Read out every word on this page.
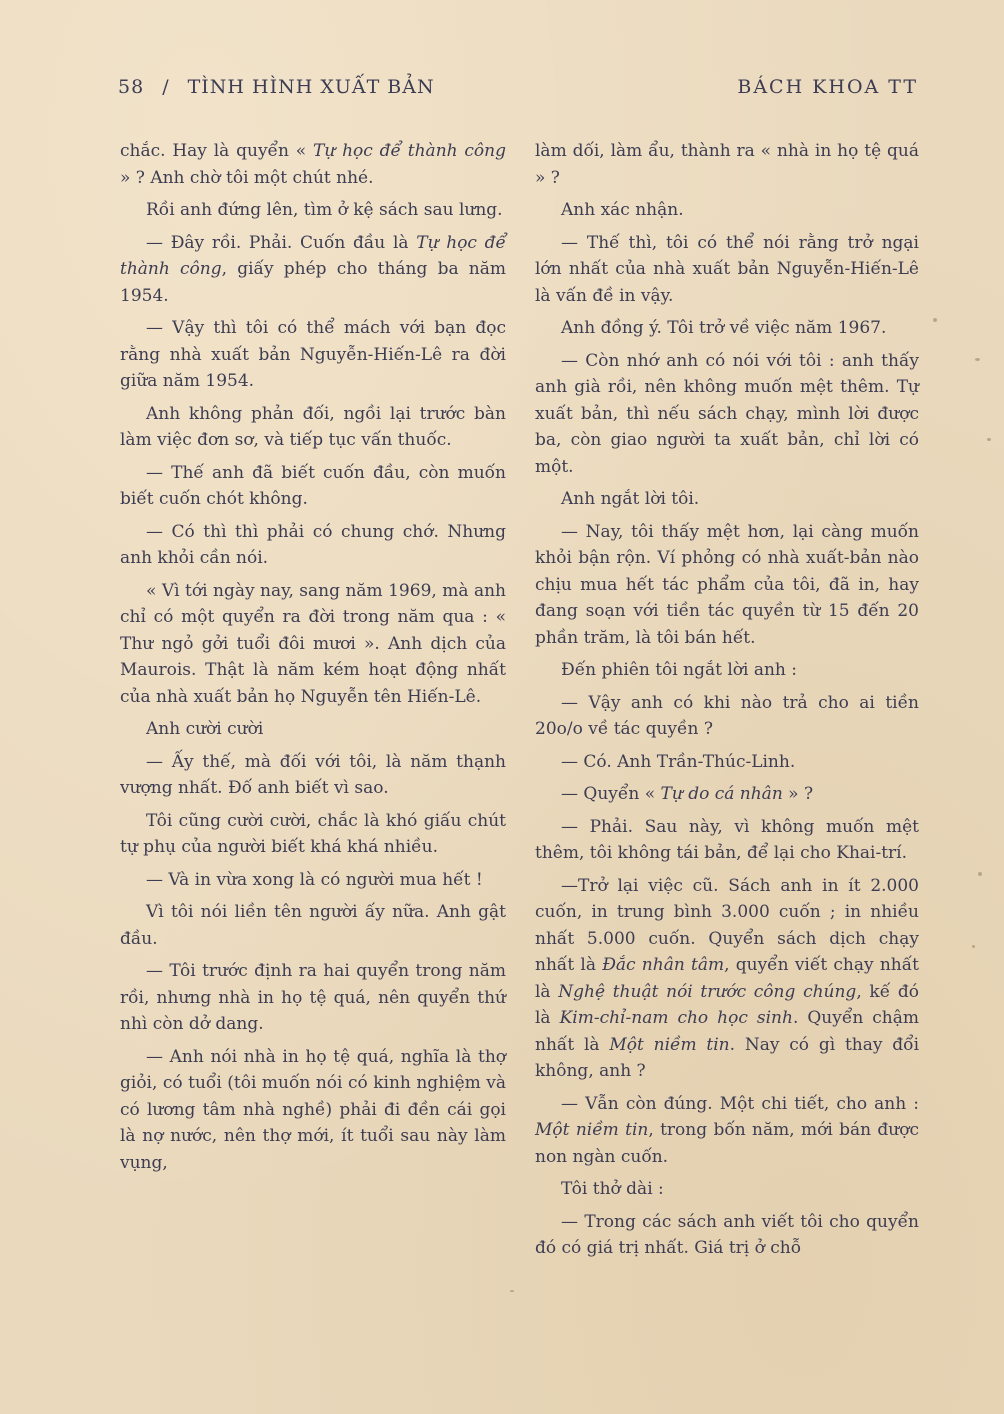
58 / TÌNH HÌNH XUẤT BẢN	BÁCH KHOA TT

chắc. Hay là quyển « Tự học để thành công » ? Anh chờ tôi một chút nhé.

Rồi anh đứng lên, tìm ở kệ sách sau lưng.

— Đây rồi. Phải. Cuốn đầu là Tự học để thành công, giấy phép cho tháng ba năm 1954.

— Vậy thì tôi có thể mách với bạn đọc rằng nhà xuất bản Nguyễn-Hiến-Lê ra đời giữa năm 1954.

Anh không phản đối, ngồi lại trước bàn làm việc đơn sơ, và tiếp tục vấn thuốc.

— Thế anh đã biết cuốn đầu, còn muốn biết cuốn chót không.

— Có thì thì phải có chung chớ. Nhưng anh khỏi cần nói.

« Vì tới ngày nay, sang năm 1969, mà anh chỉ có một quyển ra đời trong năm qua : « Thư ngỏ gởi tuổi đôi mươi ». Anh dịch của Maurois. Thật là năm kém hoạt động nhất của nhà xuất bản họ Nguyễn tên Hiến-Lê.

Anh cười cười

— Ấy thế, mà đối với tôi, là năm thạnh vượng nhất. Đố anh biết vì sao.

Tôi cũng cười cười, chắc là khó giấu chút tự phụ của người biết khá khá nhiều.

— Và in vừa xong là có người mua hết !

Vì tôi nói liền tên người ấy nữa. Anh gật đầu.

— Tôi trước định ra hai quyển trong năm rồi, nhưng nhà in họ tệ quá, nên quyển thứ nhì còn dở dang.

— Anh nói nhà in họ tệ quá, nghĩa là thợ giỏi, có tuổi (tôi muốn nói có kinh nghiệm và có lương tâm nhà nghề) phải đi đền cái gọi là nợ nước, nên thợ mới, ít tuổi sau này làm vụng,

làm dối, làm ẩu, thành ra « nhà in họ tệ quá » ?

Anh xác nhận.

— Thế thì, tôi có thể nói rằng trở ngại lớn nhất của nhà xuất bản Nguyễn-Hiến-Lê là vấn đề in vậy.

Anh đồng ý. Tôi trở về việc năm 1967.

— Còn nhớ anh có nói với tôi : anh thấy anh già rồi, nên không muốn mệt thêm. Tự xuất bản, thì nếu sách chạy, mình lời được ba, còn giao người ta xuất bản, chỉ lời có một.

Anh ngắt lời tôi.

— Nay, tôi thấy mệt hơn, lại càng muốn khỏi bận rộn. Ví phỏng có nhà xuất-bản nào chịu mua hết tác phẩm của tôi, đã in, hay đang soạn với tiền tác quyền từ 15 đến 20 phần trăm, là tôi bán hết.

Đến phiên tôi ngắt lời anh :

— Vậy anh có khi nào trả cho ai tiền 20o/o về tác quyền ?

— Có. Anh Trần-Thúc-Linh.

— Quyển « Tự do cá nhân » ?

— Phải. Sau này, vì không muốn mệt thêm, tôi không tái bản, để lại cho Khai-trí.

—Trở lại việc cũ. Sách anh in ít 2.000 cuốn, in trung bình 3.000 cuốn ; in nhiều nhất 5.000 cuốn. Quyển sách dịch chạy nhất là Đắc nhân tâm, quyển viết chạy nhất là Nghệ thuật nói trước công chúng, kế đó là Kim-chỉ-nam cho học sinh. Quyển chậm nhất là Một niềm tin. Nay có gì thay đổi không, anh ?

— Vẫn còn đúng. Một chi tiết, cho anh : Một niềm tin, trong bốn năm, mới bán được non ngàn cuốn.

Tôi thở dài :

— Trong các sách anh viết tôi cho quyển đó có giá trị nhất. Giá trị ở chỗ
